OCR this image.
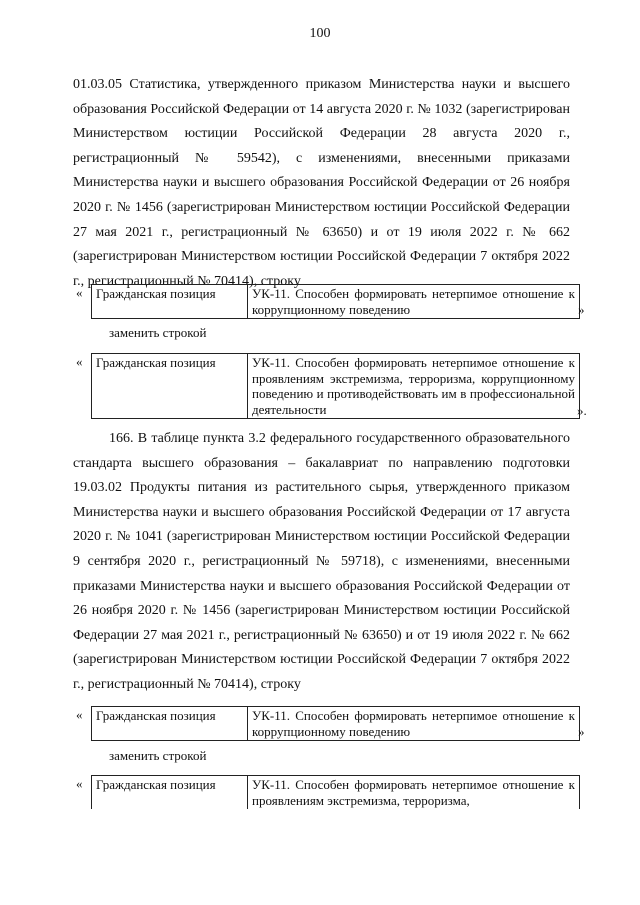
100

01.03.05 Статистика, утвержденного приказом Министерства науки и высшего образования Российской Федерации от 14 августа 2020 г. № 1032 (зарегистрирован Министерством юстиции Российской Федерации 28 августа 2020 г., регистрационный № 59542), с изменениями, внесенными приказами Министерства науки и высшего образования Российской Федерации от 26 ноября 2020 г. № 1456 (зарегистрирован Министерством юстиции Российской Федерации 27 мая 2021 г., регистрационный № 63650) и от 19 июля 2022 г. № 662 (зарегистрирован Министерством юстиции Российской Федерации 7 октября 2022 г., регистрационный № 70414), строку

«	Гражданская позиция	УК-11. Способен формировать нетерпимое отношение к коррупционному поведению	»
заменить строкой
«	Гражданская позиция	УК-11. Способен формировать нетерпимое отношение к проявлениям экстремизма, терроризма, коррупционному поведению и противодействовать им в профессиональной деятельности	».

166. В таблице пункта 3.2 федерального государственного образовательного стандарта высшего образования – бакалавриат по направлению подготовки 19.03.02 Продукты питания из растительного сырья, утвержденного приказом Министерства науки и высшего образования Российской Федерации от 17 августа 2020 г. № 1041 (зарегистрирован Министерством юстиции Российской Федерации 9 сентября 2020 г., регистрационный № 59718), с изменениями, внесенными приказами Министерства науки и высшего образования Российской Федерации от 26 ноября 2020 г. № 1456 (зарегистрирован Министерством юстиции Российской Федерации 27 мая 2021 г., регистрационный № 63650) и от 19 июля 2022 г. № 662 (зарегистрирован Министерством юстиции Российской Федерации 7 октября 2022 г., регистрационный № 70414), строку

«	Гражданская позиция	УК-11. Способен формировать нетерпимое отношение к коррупционному поведению	»
заменить строкой
«	Гражданская позиция	УК-11. Способен формировать нетерпимое отношение к проявлениям экстремизма, терроризма,
